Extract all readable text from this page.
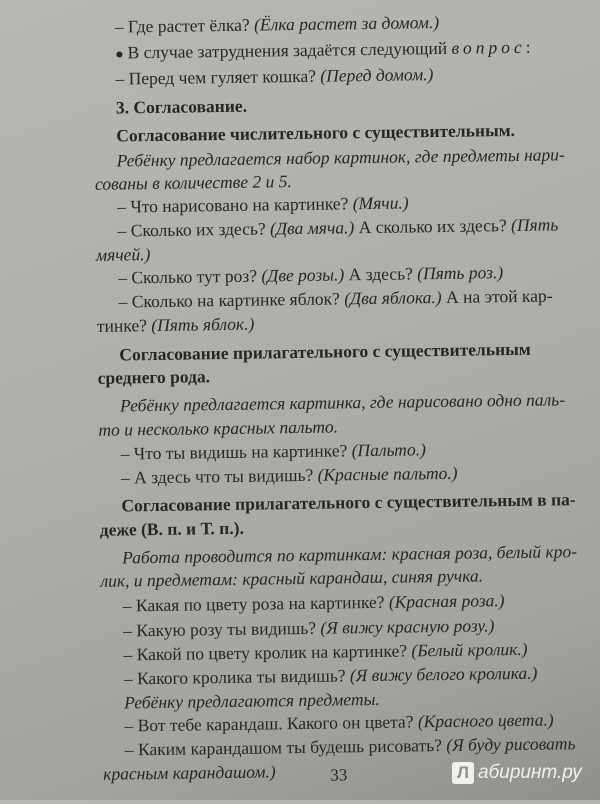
– Где растет ёлка? (Ёлка растет за домом.)
● В случае затруднения задаётся следующий вопрос:
– Перед чем гуляет кошка? (Перед домом.)
3. Согласование.
Согласование числительного с существительным.
Ребёнку предлагается набор картинок, где предметы нари-
сованы в количестве 2 и 5.
– Что нарисовано на картинке? (Мячи.)
– Сколько их здесь? (Два мяча.) А сколько их здесь? (Пять
мячей.)
– Сколько тут роз? (Две розы.) А здесь? (Пять роз.)
– Сколько на картинке яблок? (Два яблока.) А на этой кар-
тинке? (Пять яблок.)
Согласование прилагательного с существительным
среднего рода.
Ребёнку предлагается картинка, где нарисовано одно паль-
то и несколько красных пальто.
– Что ты видишь на картинке? (Пальто.)
– А здесь что ты видишь? (Красные пальто.)
Согласование прилагательного с существительным в па-
деже (В. п. и Т. п.).
Работа проводится по картинкам: красная роза, белый кро-
лик, и предметам: красный карандаш, синяя ручка.
– Какая по цвету роза на картинке? (Красная роза.)
– Какую розу ты видишь? (Я вижу красную розу.)
– Какой по цвету кролик на картинке? (Белый кролик.)
– Какого кролика ты видишь? (Я вижу белого кролика.)
Ребёнку предлагаются предметы.
– Вот тебе карандаш. Какого он цвета? (Красного цвета.)
– Каким карандашом ты будешь рисовать? (Я буду рисовать
красным карандашом.)	33	Л абиринт.ру
